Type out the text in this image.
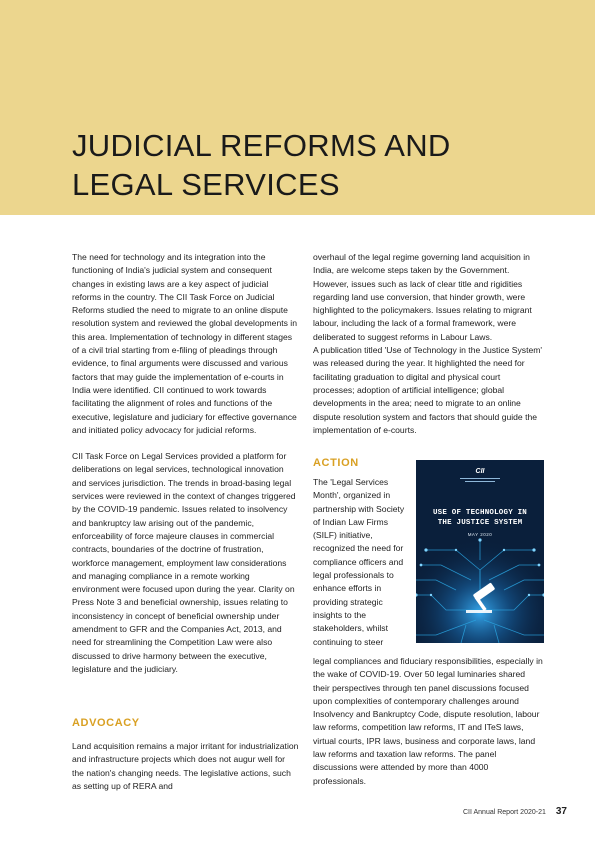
JUDICIAL REFORMS AND
LEGAL SERVICES

The need for technology and its integration into the functioning of India's judicial system and consequent changes in existing laws are a key aspect of judicial reforms in the country. The CII Task Force on Judicial Reforms studied the need to migrate to an online dispute resolution system and reviewed the global developments in this area. Implementation of technology in different stages of a civil trial starting from e-filing of pleadings through evidence, to final arguments were discussed and various factors that may guide the implementation of e-courts in India were identified. CII continued to work towards facilitating the alignment of roles and functions of the executive, legislature and judiciary for effective governance and initiated policy advocacy for judicial reforms.

CII Task Force on Legal Services provided a platform for deliberations on legal services, technological innovation and services jurisdiction. The trends in broad-basing legal services were reviewed in the context of changes triggered by the COVID-19 pandemic. Issues related to insolvency and bankruptcy law arising out of the pandemic, enforceability of force majeure clauses in commercial contracts, boundaries of the doctrine of frustration, workforce management, employment law considerations and managing compliance in a remote working environment were focused upon during the year. Clarity on Press Note 3 and beneficial ownership, issues relating to inconsistency in concept of beneficial ownership under amendment to GFR and the Companies Act, 2013, and need for streamlining the Competition Law were also discussed to drive harmony between the executive, legislature and the judiciary.

ADVOCACY

Land acquisition remains a major irritant for industrialization and infrastructure projects which does not augur well for the nation's changing needs. The legislative actions, such as setting up of RERA and

overhaul of the legal regime governing land acquisition in India, are welcome steps taken by the Government. However, issues such as lack of clear title and rigidities regarding land use conversion, that hinder growth, were highlighted to the policymakers. Issues relating to migrant labour, including the lack of a formal framework, were deliberated to suggest reforms in Labour Laws.

A publication titled 'Use of Technology in the Justice System' was released during the year. It highlighted the need for facilitating graduation to digital and physical court processes; adoption of artificial intelligence; global developments in the area; need to migrate to an online dispute resolution system and factors that should guide the implementation of e-courts.

ACTION
The 'Legal Services Month', organized in partnership with Society of Indian Law Firms (SILF) initiative, recognized the need for compliance officers and legal professionals to enhance efforts in providing strategic insights to the stakeholders, whilst continuing to steer
legal compliances and fiduciary responsibilities, especially in the wake of COVID-19. Over 50 legal luminaries shared their perspectives through ten panel discussions focused upon complexities of contemporary challenges around Insolvency and Bankruptcy Code, dispute resolution, labour law reforms, competition law reforms, IT and ITeS laws, virtual courts, IPR laws, business and corporate laws, land law reforms and taxation law reforms. The panel discussions were attended by more than 4000 professionals.
CII
USE OF TECHNOLOGY IN
THE JUSTICE SYSTEM
MAY 2020
CII Annual Report 2020-21 37
